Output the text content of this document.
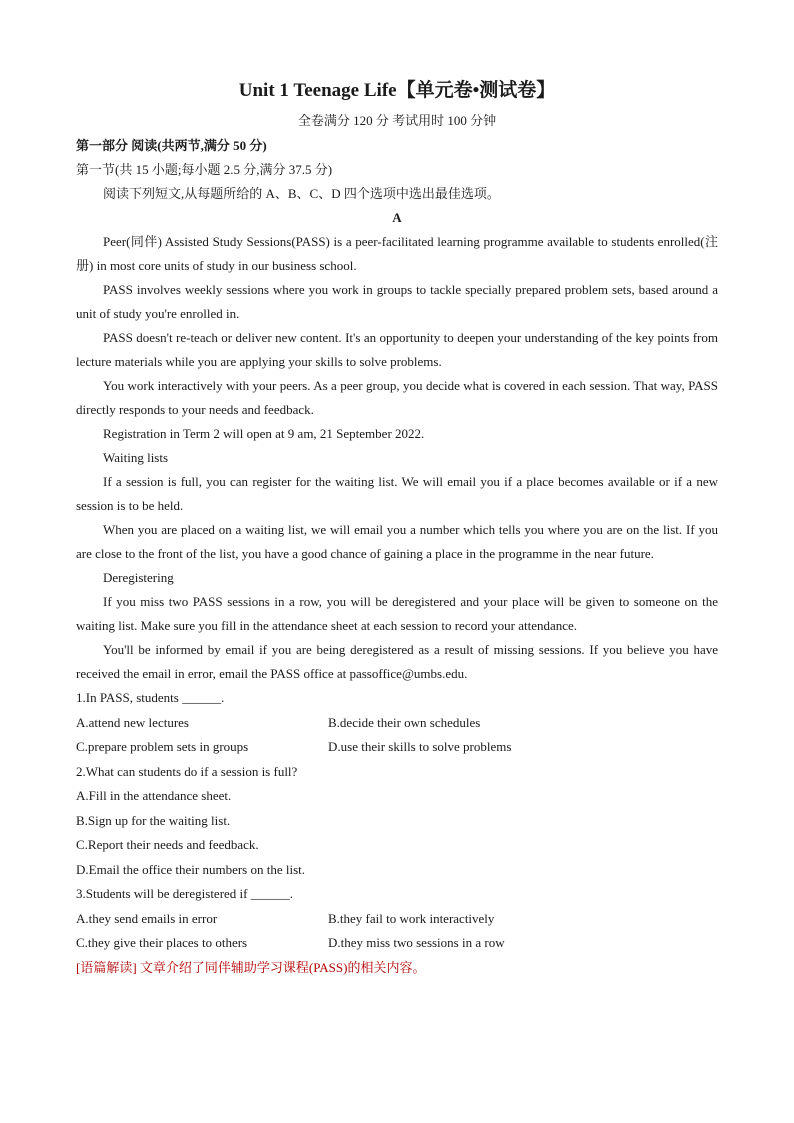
Unit 1 Teenage Life【单元卷•测试卷】

全卷满分 120 分 考试用时 100 分钟

第一部分 阅读(共两节,满分 50 分)

第一节(共 15 小题;每小题 2.5 分,满分 37.5 分)

阅读下列短文,从每题所给的 A、B、C、D 四个选项中选出最佳选项。

A

Peer(同伴) Assisted Study Sessions(PASS) is a peer-facilitated learning programme available to students enrolled(注册) in most core units of study in our business school.

PASS involves weekly sessions where you work in groups to tackle specially prepared problem sets, based around a unit of study you're enrolled in.

PASS doesn't re-teach or deliver new content. It's an opportunity to deepen your understanding of the key points from lecture materials while you are applying your skills to solve problems.

You work interactively with your peers. As a peer group, you decide what is covered in each session. That way, PASS directly responds to your needs and feedback.

Registration in Term 2 will open at 9 am, 21 September 2022.

Waiting lists

If a session is full, you can register for the waiting list. We will email you if a place becomes available or if a new session is to be held.

When you are placed on a waiting list, we will email you a number which tells you where you are on the list. If you are close to the front of the list, you have a good chance of gaining a place in the programme in the near future.

Deregistering

If you miss two PASS sessions in a row, you will be deregistered and your place will be given to someone on the waiting list. Make sure you fill in the attendance sheet at each session to record your attendance.

You'll be informed by email if you are being deregistered as a result of missing sessions. If you believe you have received the email in error, email the PASS office at passoffice@umbs.edu.

1.In PASS, students ______.

A.attend new lectures	B.decide their own schedules
C.prepare problem sets in groups	D.use their skills to solve problems

2.What can students do if a session is full?

A.Fill in the attendance sheet.

B.Sign up for the waiting list.

C.Report their needs and feedback.

D.Email the office their numbers on the list.

3.Students will be deregistered if ______.

A.they send emails in error	B.they fail to work interactively
C.they give their places to others	D.they miss two sessions in a row

[语篇解读] 文章介绍了同伴辅助学习课程(PASS)的相关内容。
